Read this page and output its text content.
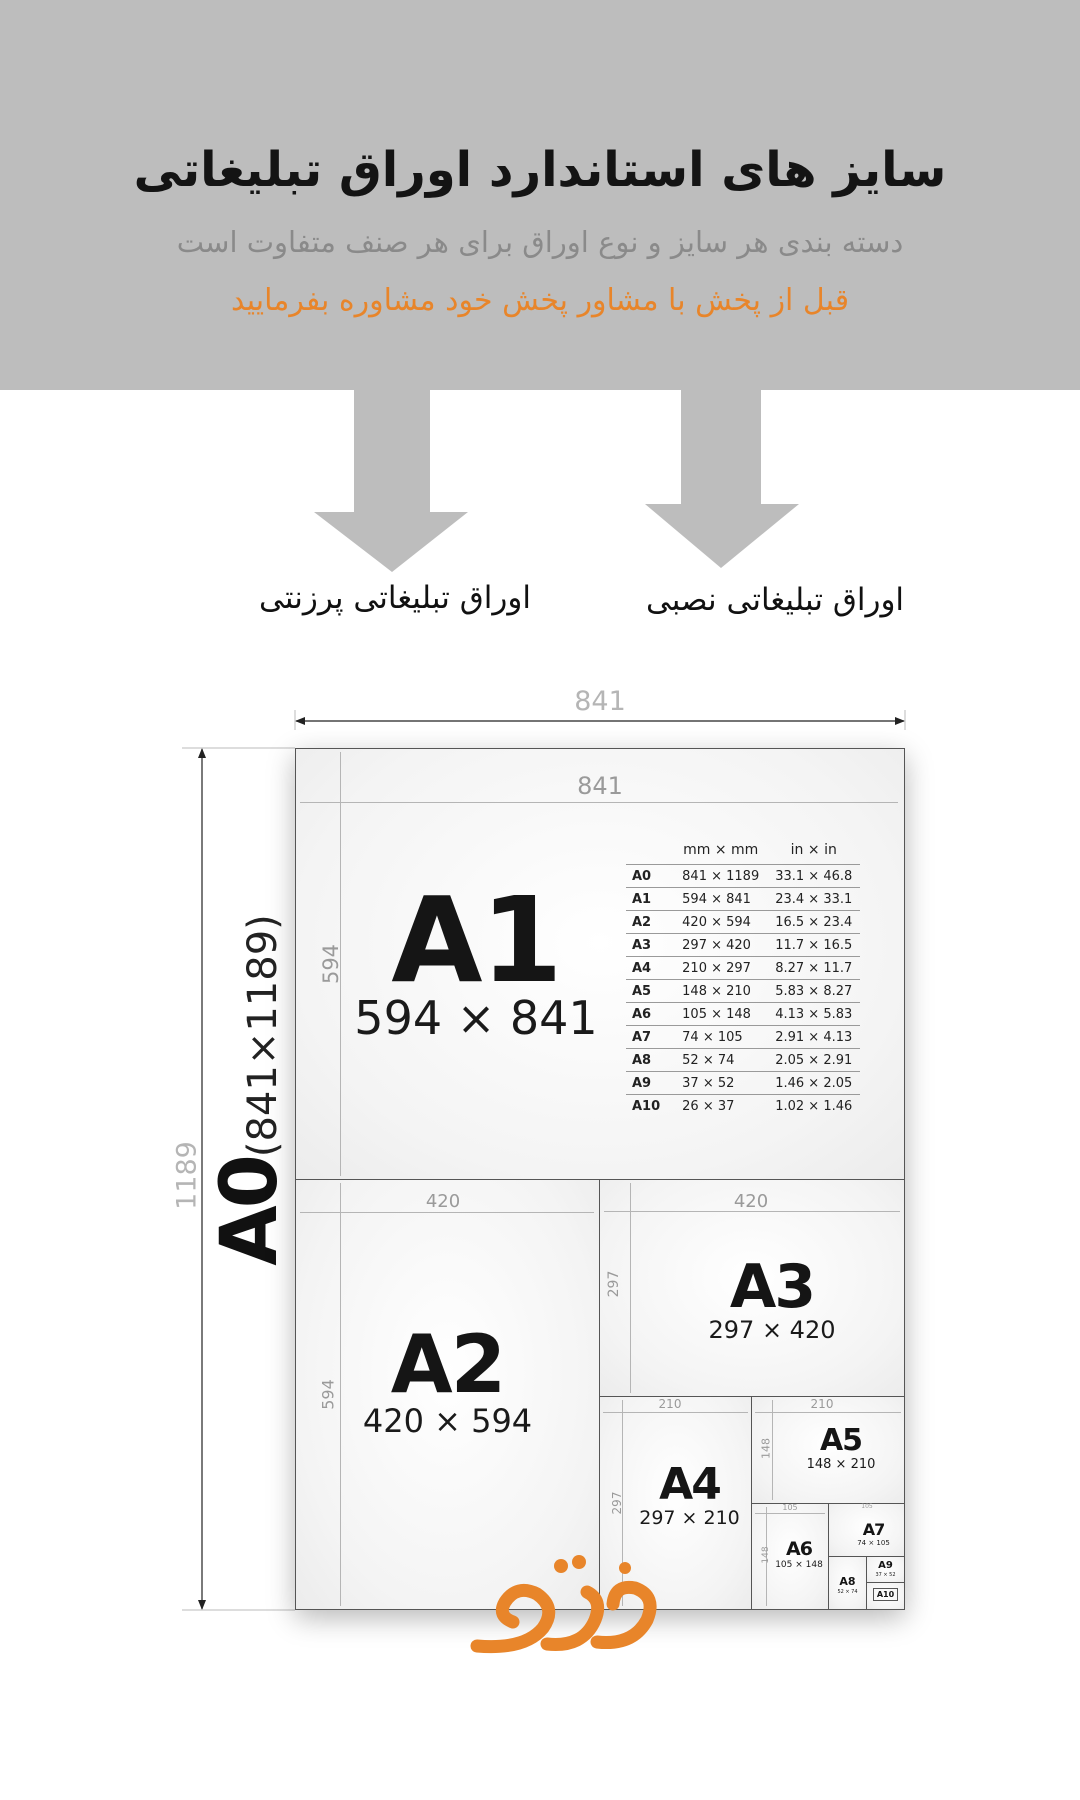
سایز های استاندارد اوراق تبلیغاتی
دسته بندی هر سایز و نوع اوراق برای هر صنف متفاوت است
قبل از پخش با مشاور پخش خود مشاوره بفرمایید
اوراق تبلیغاتی پرزنتی	اوراق تبلیغاتی نصبی
841
1189 A0(841×1189) A1
594 × 841
841
594
	mm × mm	in × in
A0	841 × 1189	33.1 × 46.8
A1	594 × 841	23.4 × 33.1
A2	420 × 594	16.5 × 23.4
A3	297 × 420	11.7 × 16.5
A4	210 × 297	8.27 × 11.7
A5	148 × 210	5.83 × 8.27
A6	105 × 148	4.13 × 5.83
A7	74 × 105	2.91 × 4.13
A8	52 × 74	2.05 × 2.91
A9	37 × 52	1.46 × 2.05
A10	26 × 37	1.02 × 1.46
A2
420 × 594
420
594
A3
297 × 420
420
297
A4
297 × 210
210
297
A5
148 × 210
210
148
A6
105 × 148
105
148
A7
74 × 105
105
A8
52 × 74
A9
37 × 52
A10
